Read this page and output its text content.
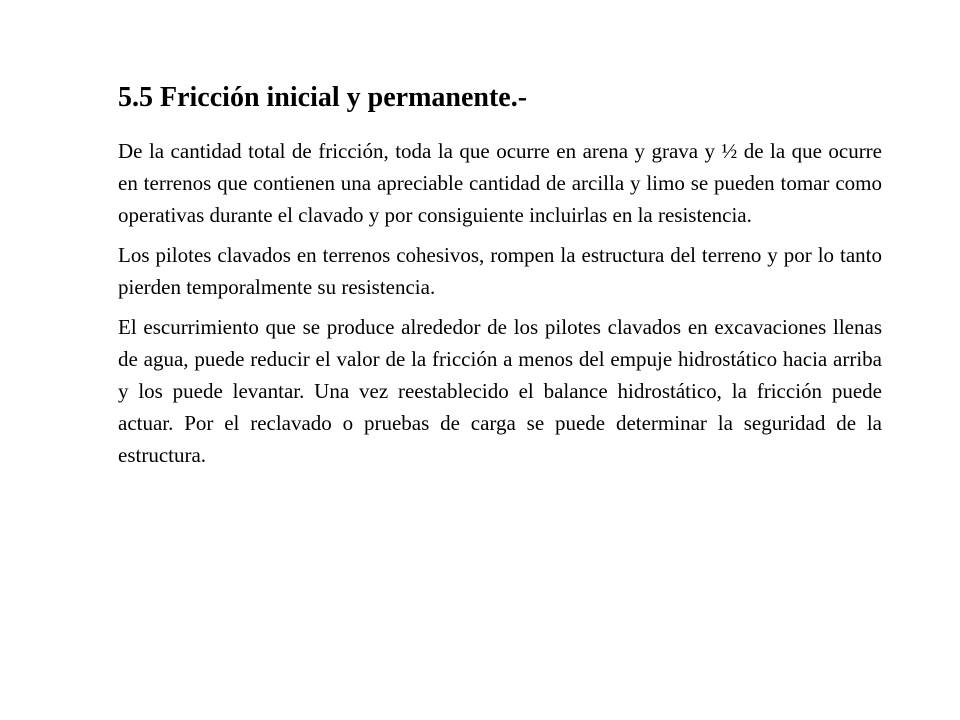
5.5 Fricción inicial y permanente.-

De la cantidad total de fricción, toda la que ocurre en arena y grava y ½ de la que ocurre en terrenos que contienen una apreciable cantidad de arcilla y limo se pueden tomar como operativas durante el clavado y por consiguiente incluirlas en la resistencia.

Los pilotes clavados en terrenos cohesivos, rompen la estructura del terreno y por lo tanto pierden temporalmente su resistencia.

El escurrimiento que se produce alrededor de los pilotes clavados en excavaciones llenas de agua, puede reducir el valor de la fricción a menos del empuje hidrostático hacia arriba y los puede levantar. Una vez reestablecido el balance hidrostático, la fricción puede actuar. Por el reclavado o pruebas de carga se puede determinar la seguridad de la estructura.
